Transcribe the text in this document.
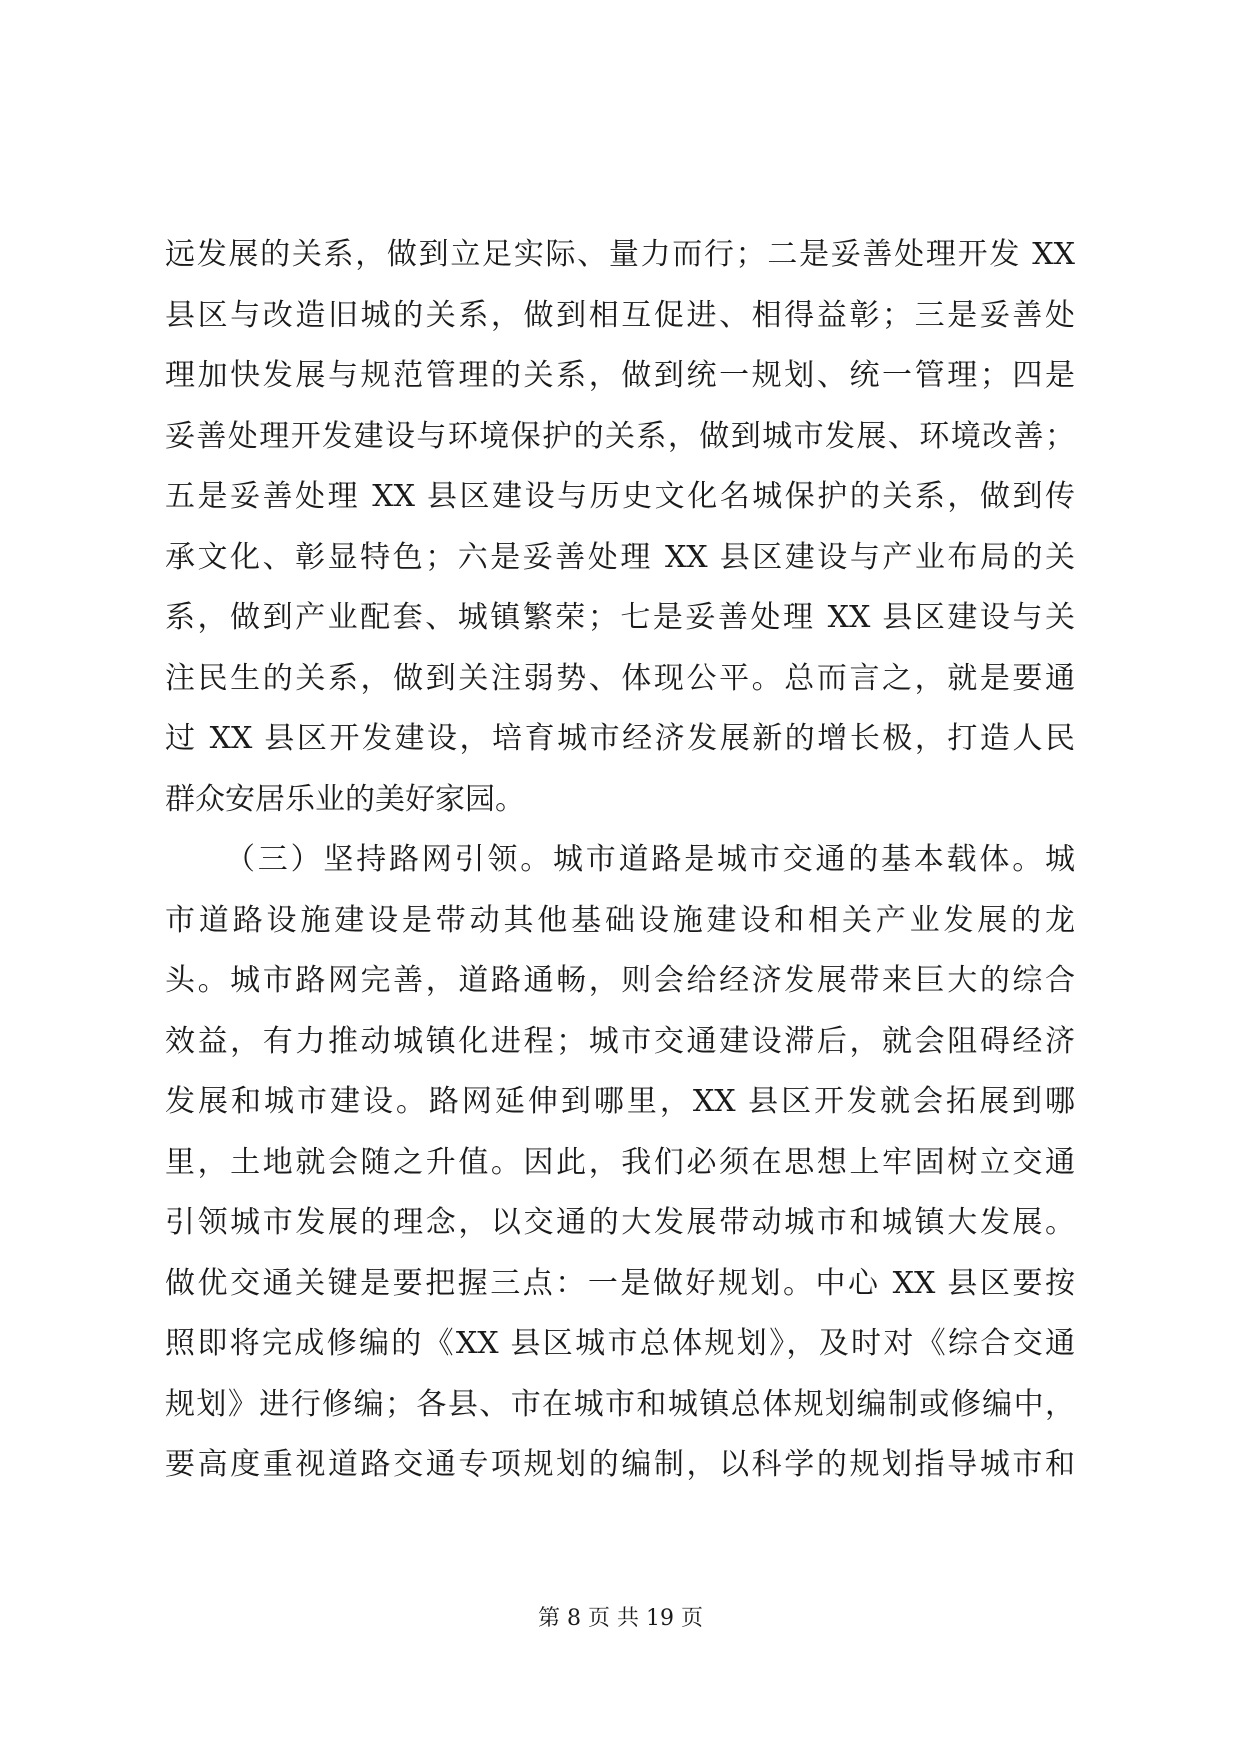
远发展的关系，做到立足实际、量力而行；二是妥善处理开发 XX
县区与改造旧城的关系，做到相互促进、相得益彰；三是妥善处
理加快发展与规范管理的关系，做到统一规划、统一管理；四是
妥善处理开发建设与环境保护的关系，做到城市发展、环境改善；
五是妥善处理 XX 县区建设与历史文化名城保护的关系，做到传
承文化、彰显特色；六是妥善处理 XX 县区建设与产业布局的关
系，做到产业配套、城镇繁荣；七是妥善处理 XX 县区建设与关
注民生的关系，做到关注弱势、体现公平。总而言之，就是要通
过 XX 县区开发建设，培育城市经济发展新的增长极，打造人民
群众安居乐业的美好家园。
（三）坚持路网引领。城市道路是城市交通的基本载体。城
市道路设施建设是带动其他基础设施建设和相关产业发展的龙
头。城市路网完善，道路通畅，则会给经济发展带来巨大的综合
效益，有力推动城镇化进程；城市交通建设滞后，就会阻碍经济
发展和城市建设。路网延伸到哪里，XX 县区开发就会拓展到哪
里，土地就会随之升值。因此，我们必须在思想上牢固树立交通
引领城市发展的理念，以交通的大发展带动城市和城镇大发展。
做优交通关键是要把握三点：一是做好规划。中心 XX 县区要按
照即将完成修编的《XX 县区城市总体规划》，及时对《综合交通
规划》进行修编；各县、市在城市和城镇总体规划编制或修编中，
要高度重视道路交通专项规划的编制，以科学的规划指导城市和
第 8 页 共 19 页
